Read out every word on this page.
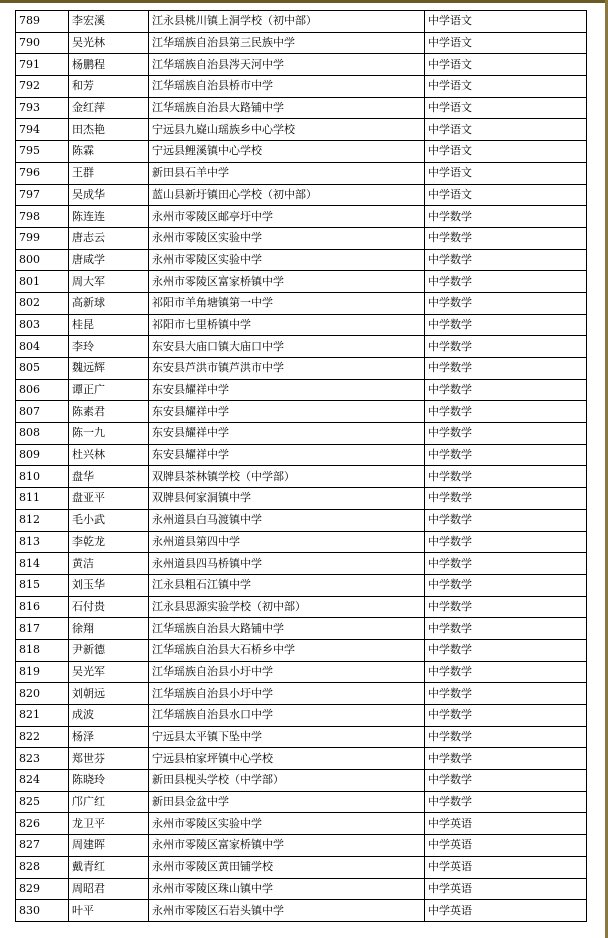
789	李宏溪	江永县桃川镇上洞学校（初中部）	中学语文
790	吴光林	江华瑶族自治县第三民族中学	中学语文
791	杨鹏程	江华瑶族自治县涔天河中学	中学语文
792	和芳	江华瑶族自治县桥市中学	中学语文
793	金红萍	江华瑶族自治县大路铺中学	中学语文
794	田杰艳	宁远县九嶷山瑶族乡中心学校	中学语文
795	陈霖	宁远县鲤溪镇中心学校	中学语文
796	王群	新田县石羊中学	中学语文
797	吴成华	蓝山县新圩镇田心学校（初中部）	中学语文
798	陈连连	永州市零陵区邮亭圩中学	中学数学
799	唐志云	永州市零陵区实验中学	中学数学
800	唐咸学	永州市零陵区实验中学	中学数学
801	周大军	永州市零陵区富家桥镇中学	中学数学
802	高新球	祁阳市羊角塘镇第一中学	中学数学
803	桂昆	祁阳市七里桥镇中学	中学数学
804	李玲	东安县大庙口镇大庙口中学	中学数学
805	魏远辉	东安县芦洪市镇芦洪市中学	中学数学
806	谭正广	东安县耀祥中学	中学数学
807	陈素君	东安县耀祥中学	中学数学
808	陈一九	东安县耀祥中学	中学数学
809	杜兴林	东安县耀祥中学	中学数学
810	盘华	双牌县茶林镇学校（中学部）	中学数学
811	盘亚平	双牌县何家洞镇中学	中学数学
812	毛小武	永州道县白马渡镇中学	中学数学
813	李乾龙	永州道县第四中学	中学数学
814	黄洁	永州道县四马桥镇中学	中学数学
815	刘玉华	江永县粗石江镇中学	中学数学
816	石付贵	江永县思源实验学校（初中部）	中学数学
817	徐翔	江华瑶族自治县大路铺中学	中学数学
818	尹新德	江华瑶族自治县大石桥乡中学	中学数学
819	吴光军	江华瑶族自治县小圩中学	中学数学
820	刘朝远	江华瑶族自治县小圩中学	中学数学
821	成波	江华瑶族自治县水口中学	中学数学
822	杨泽	宁远县太平镇下坠中学	中学数学
823	郑世芬	宁远县柏家坪镇中心学校	中学数学
824	陈晓玲	新田县枧头学校（中学部）	中学数学
825	邝广红	新田县金盆中学	中学数学
826	龙卫平	永州市零陵区实验中学	中学英语
827	周建晖	永州市零陵区富家桥镇中学	中学英语
828	戴青红	永州市零陵区黄田铺学校	中学英语
829	周昭君	永州市零陵区珠山镇中学	中学英语
830	叶平	永州市零陵区石岩头镇中学	中学英语
